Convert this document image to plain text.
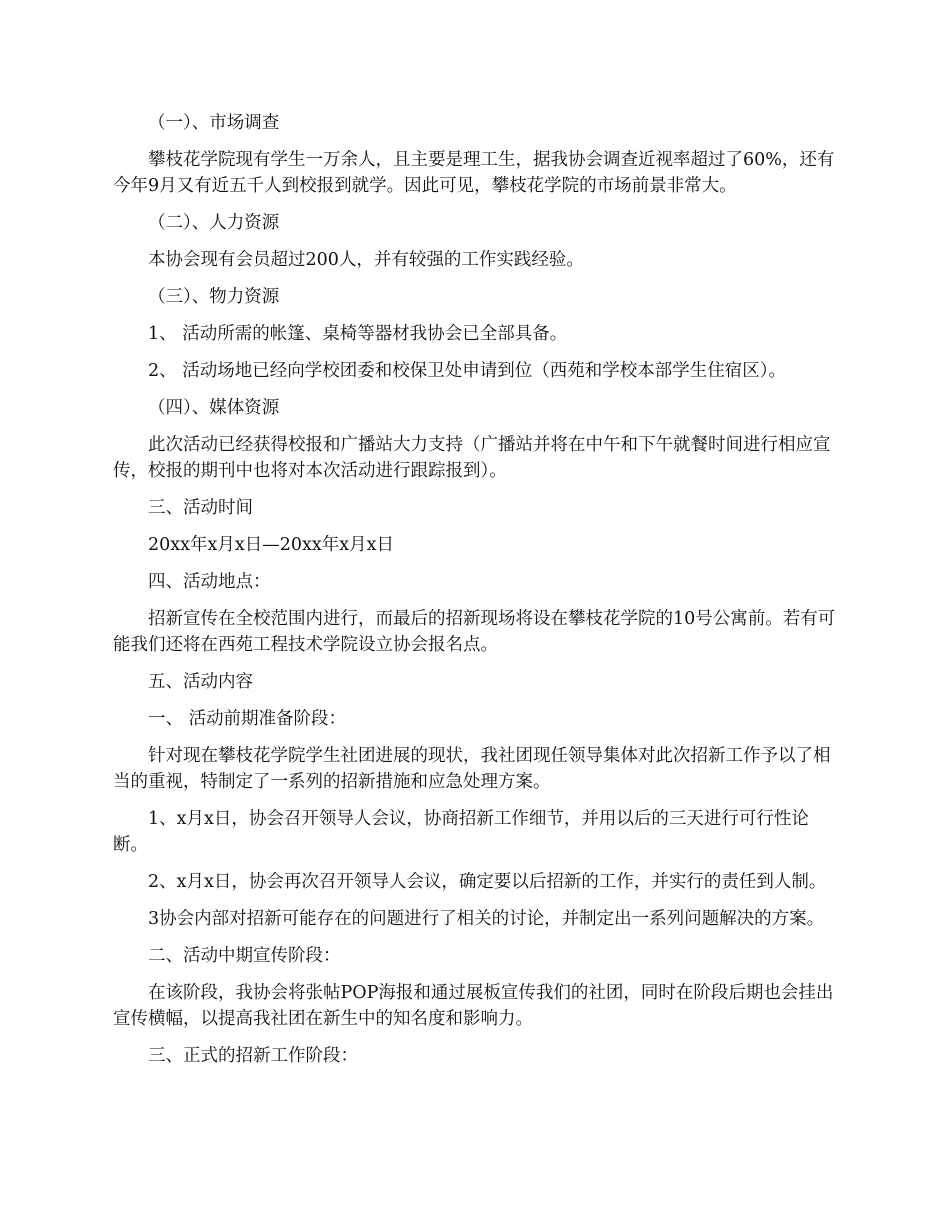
（一）、市场调查

攀枝花学院现有学生一万余人，且主要是理工生，据我协会调查近视率超过了60%，还有今年9月又有近五千人到校报到就学。因此可见，攀枝花学院的市场前景非常大。

（二）、人力资源

本协会现有会员超过200人，并有较强的工作实践经验。

（三）、物力资源

1、 活动所需的帐篷、桌椅等器材我协会已全部具备。

2、 活动场地已经向学校团委和校保卫处申请到位（西苑和学校本部学生住宿区）。

（四）、媒体资源

此次活动已经获得校报和广播站大力支持（广播站并将在中午和下午就餐时间进行相应宣传，校报的期刊中也将对本次活动进行跟踪报到）。

三、活动时间

20xx年x月x日—20xx年x月x日

四、活动地点：

招新宣传在全校范围内进行，而最后的招新现场将设在攀枝花学院的10号公寓前。若有可能我们还将在西苑工程技术学院设立协会报名点。

五、活动内容

一、 活动前期准备阶段：

针对现在攀枝花学院学生社团进展的现状，我社团现任领导集体对此次招新工作予以了相当的重视，特制定了一系列的招新措施和应急处理方案。

1、x月x日，协会召开领导人会议，协商招新工作细节，并用以后的三天进行可行性论断。

2、x月x日，协会再次召开领导人会议，确定要以后招新的工作，并实行的责任到人制。

3协会内部对招新可能存在的问题进行了相关的讨论，并制定出一系列问题解决的方案。

二、活动中期宣传阶段：

在该阶段，我协会将张帖POP海报和通过展板宣传我们的社团，同时在阶段后期也会挂出宣传横幅，以提高我社团在新生中的知名度和影响力。

三、正式的招新工作阶段：
